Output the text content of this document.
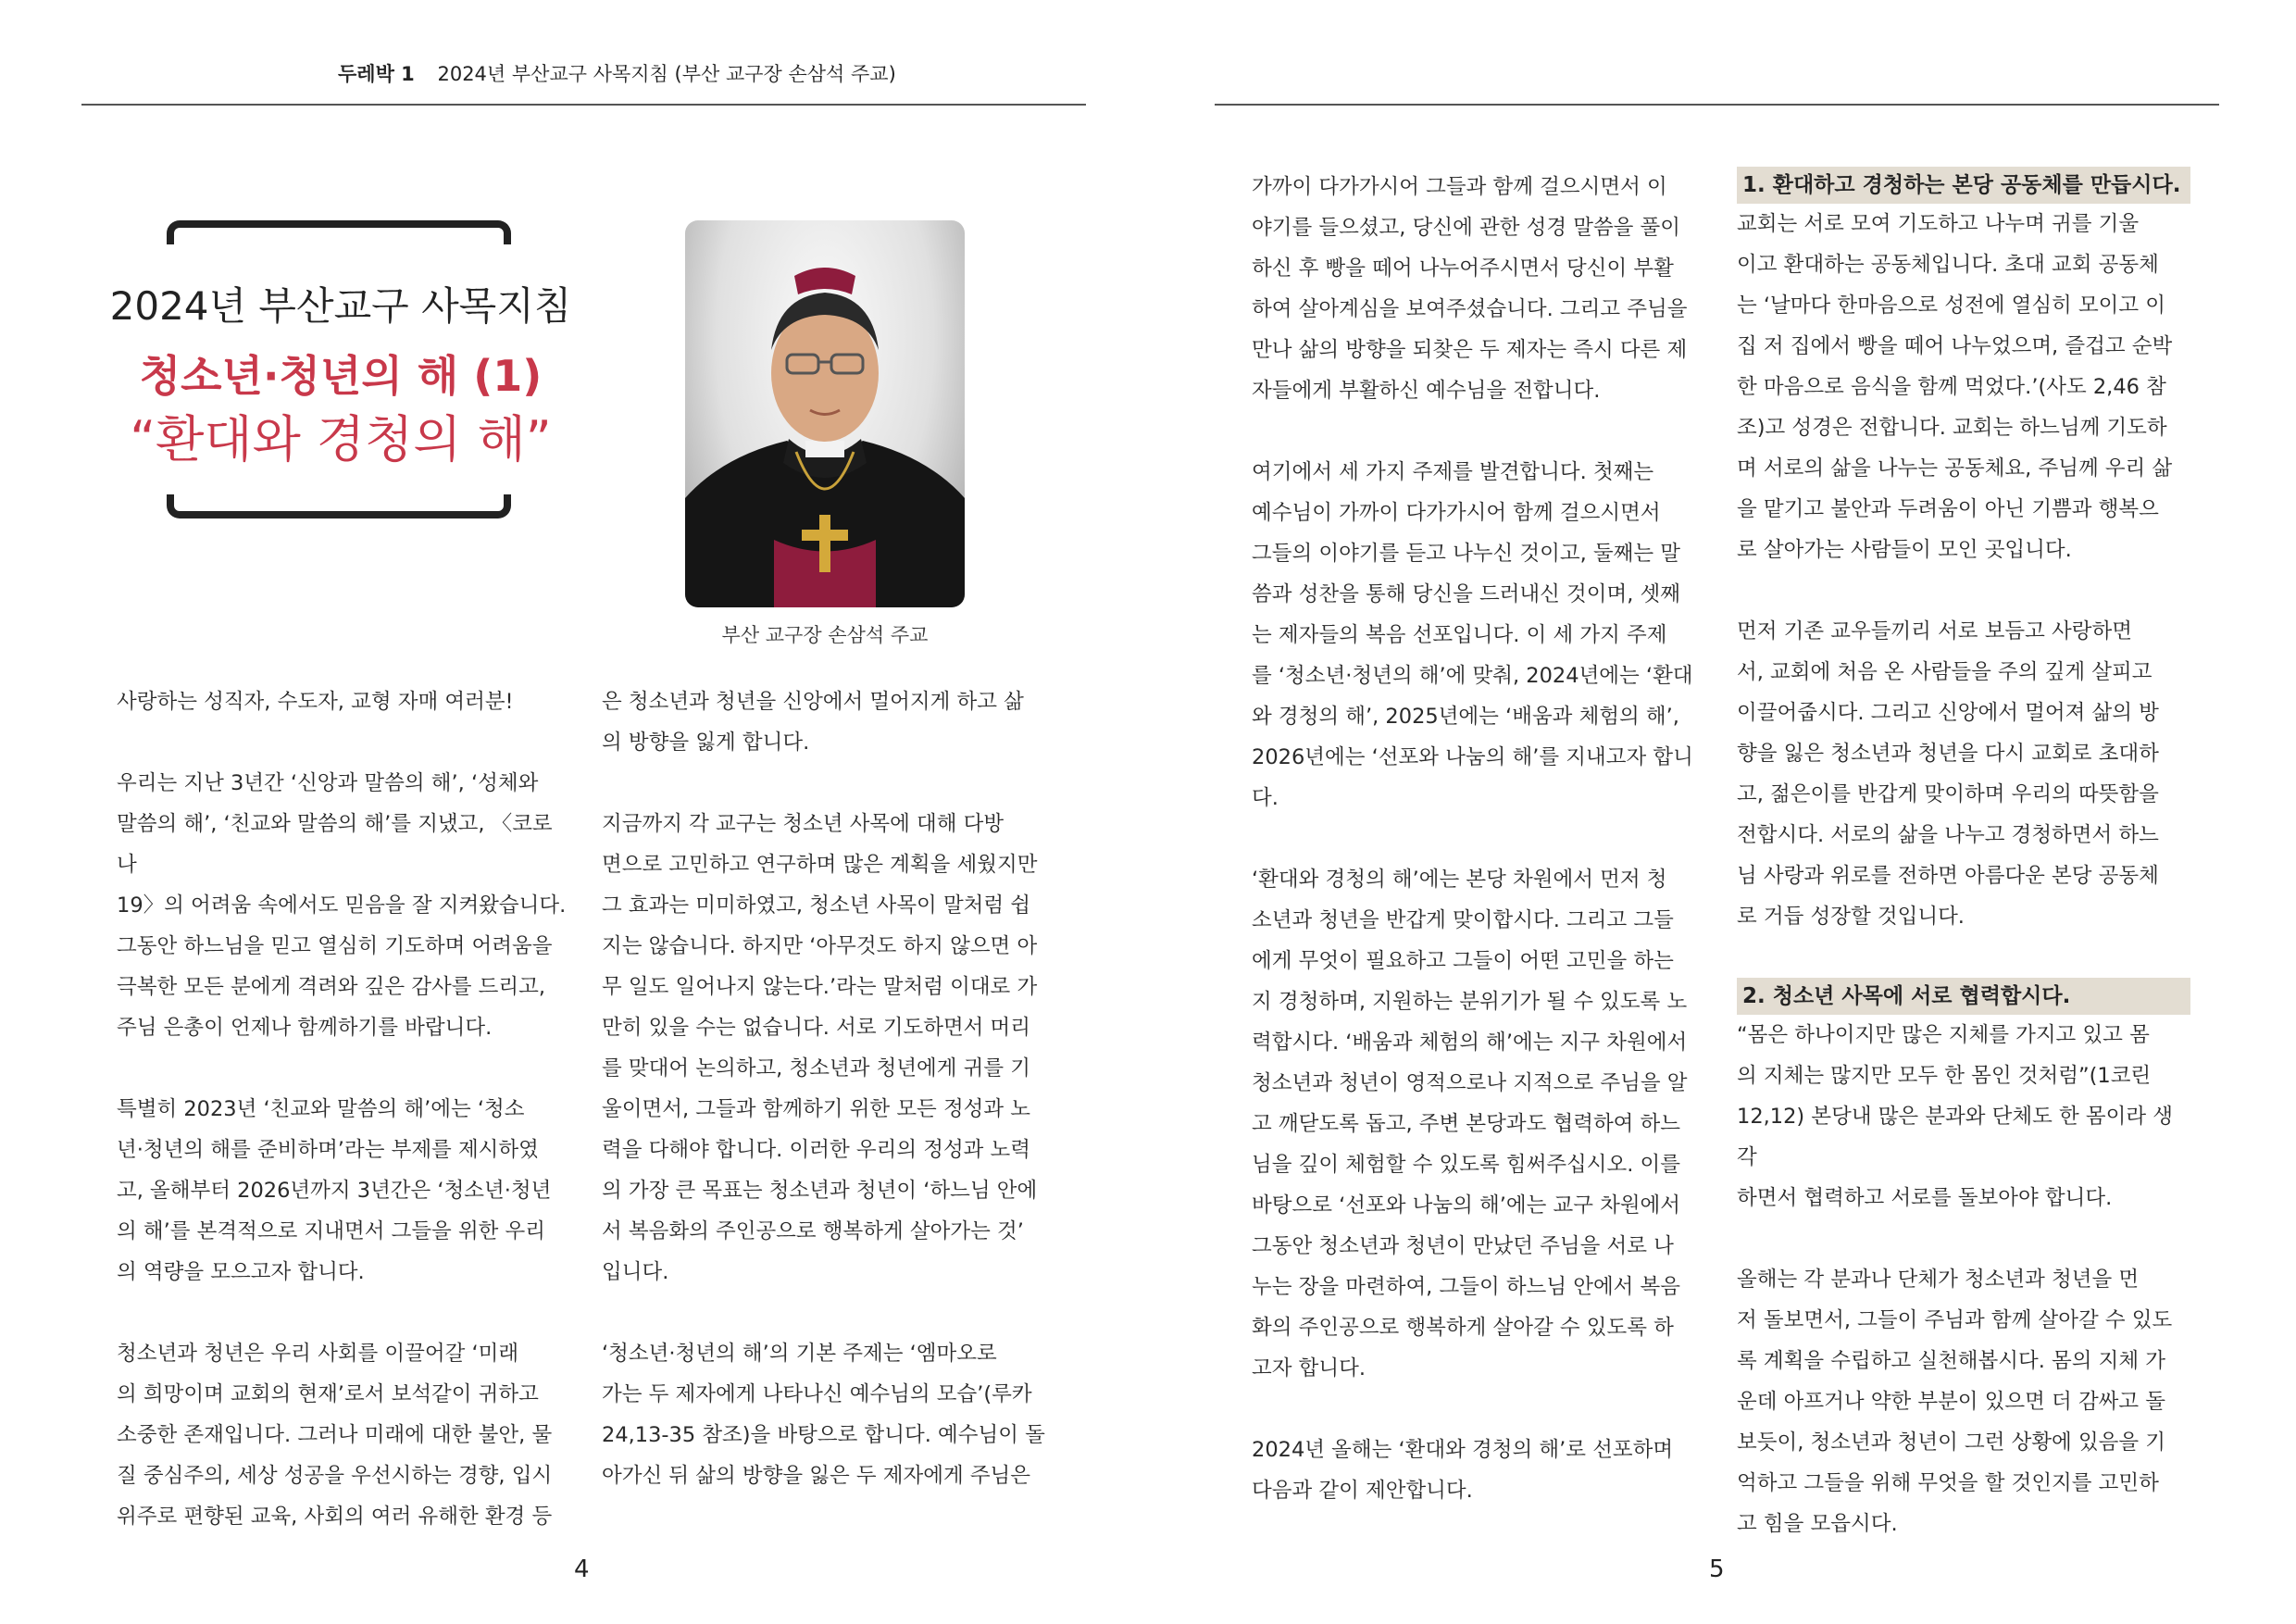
두레박 1 2024년 부산교구 사목지침 (부산 교구장 손삼석 주교)
2024년 부산교구 사목지침
청소년·청년의 해 (1)
“환대와 경청의 해”
부산 교구장 손삼석 주교

사랑하는 성직자, 수도자, 교형 자매 여러분!

우리는 지난 3년간 ‘신앙과 말씀의 해’, ‘성체와
말씀의 해’, ‘친교와 말씀의 해’를 지냈고, 〈코로나
19〉의 어려움 속에서도 믿음을 잘 지켜왔습니다.
그동안 하느님을 믿고 열심히 기도하며 어려움을
극복한 모든 분에게 격려와 깊은 감사를 드리고,
주님 은총이 언제나 함께하기를 바랍니다.

특별히 2023년 ‘친교와 말씀의 해’에는 ‘청소
년·청년의 해를 준비하며’라는 부제를 제시하였
고, 올해부터 2026년까지 3년간은 ‘청소년·청년
의 해’를 본격적으로 지내면서 그들을 위한 우리
의 역량을 모으고자 합니다.

청소년과 청년은 우리 사회를 이끌어갈 ‘미래
의 희망이며 교회의 현재’로서 보석같이 귀하고
소중한 존재입니다. 그러나 미래에 대한 불안, 물
질 중심주의, 세상 성공을 우선시하는 경향, 입시
위주로 편향된 교육, 사회의 여러 유해한 환경 등

은 청소년과 청년을 신앙에서 멀어지게 하고 삶
의 방향을 잃게 합니다.

지금까지 각 교구는 청소년 사목에 대해 다방
면으로 고민하고 연구하며 많은 계획을 세웠지만
그 효과는 미미하였고, 청소년 사목이 말처럼 쉽
지는 않습니다. 하지만 ‘아무것도 하지 않으면 아
무 일도 일어나지 않는다.’라는 말처럼 이대로 가
만히 있을 수는 없습니다. 서로 기도하면서 머리
를 맞대어 논의하고, 청소년과 청년에게 귀를 기
울이면서, 그들과 함께하기 위한 모든 정성과 노
력을 다해야 합니다. 이러한 우리의 정성과 노력
의 가장 큰 목표는 청소년과 청년이 ‘하느님 안에
서 복음화의 주인공으로 행복하게 살아가는 것’
입니다.

‘청소년·청년의 해’의 기본 주제는 ‘엠마오로
가는 두 제자에게 나타나신 예수님의 모습’(루카
24,13-35 참조)을 바탕으로 합니다. 예수님이 돌
아가신 뒤 삶의 방향을 잃은 두 제자에게 주님은

가까이 다가가시어 그들과 함께 걸으시면서 이
야기를 들으셨고, 당신에 관한 성경 말씀을 풀이
하신 후 빵을 떼어 나누어주시면서 당신이 부활
하여 살아계심을 보여주셨습니다. 그리고 주님을
만나 삶의 방향을 되찾은 두 제자는 즉시 다른 제
자들에게 부활하신 예수님을 전합니다.

여기에서 세 가지 주제를 발견합니다. 첫째는
예수님이 가까이 다가가시어 함께 걸으시면서
그들의 이야기를 듣고 나누신 것이고, 둘째는 말
씀과 성찬을 통해 당신을 드러내신 것이며, 셋째
는 제자들의 복음 선포입니다. 이 세 가지 주제
를 ‘청소년·청년의 해’에 맞춰, 2024년에는 ‘환대
와 경청의 해’, 2025년에는 ‘배움과 체험의 해’,
2026년에는 ‘선포와 나눔의 해’를 지내고자 합니
다.

‘환대와 경청의 해’에는 본당 차원에서 먼저 청
소년과 청년을 반갑게 맞이합시다. 그리고 그들
에게 무엇이 필요하고 그들이 어떤 고민을 하는
지 경청하며, 지원하는 분위기가 될 수 있도록 노
력합시다. ‘배움과 체험의 해’에는 지구 차원에서
청소년과 청년이 영적으로나 지적으로 주님을 알
고 깨닫도록 돕고, 주변 본당과도 협력하여 하느
님을 깊이 체험할 수 있도록 힘써주십시오. 이를
바탕으로 ‘선포와 나눔의 해’에는 교구 차원에서
그동안 청소년과 청년이 만났던 주님을 서로 나
누는 장을 마련하여, 그들이 하느님 안에서 복음
화의 주인공으로 행복하게 살아갈 수 있도록 하
고자 합니다.

2024년 올해는 ‘환대와 경청의 해’로 선포하며
다음과 같이 제안합니다.

1. 환대하고 경청하는 본당 공동체를 만듭시다.

교회는 서로 모여 기도하고 나누며 귀를 기울
이고 환대하는 공동체입니다. 초대 교회 공동체
는 ‘날마다 한마음으로 성전에 열심히 모이고 이
집 저 집에서 빵을 떼어 나누었으며, 즐겁고 순박
한 마음으로 음식을 함께 먹었다.’(사도 2,46 참
조)고 성경은 전합니다. 교회는 하느님께 기도하
며 서로의 삶을 나누는 공동체요, 주님께 우리 삶
을 맡기고 불안과 두려움이 아닌 기쁨과 행복으
로 살아가는 사람들이 모인 곳입니다.

먼저 기존 교우들끼리 서로 보듬고 사랑하면
서, 교회에 처음 온 사람들을 주의 깊게 살피고
이끌어줍시다. 그리고 신앙에서 멀어져 삶의 방
향을 잃은 청소년과 청년을 다시 교회로 초대하
고, 젊은이를 반갑게 맞이하며 우리의 따뜻함을
전합시다. 서로의 삶을 나누고 경청하면서 하느
님 사랑과 위로를 전하면 아름다운 본당 공동체
로 거듭 성장할 것입니다.

2. 청소년 사목에 서로 협력합시다.

“몸은 하나이지만 많은 지체를 가지고 있고 몸
의 지체는 많지만 모두 한 몸인 것처럼”(1코린
12,12) 본당내 많은 분과와 단체도 한 몸이라 생각
하면서 협력하고 서로를 돌보아야 합니다.

올해는 각 분과나 단체가 청소년과 청년을 먼
저 돌보면서, 그들이 주님과 함께 살아갈 수 있도
록 계획을 수립하고 실천해봅시다. 몸의 지체 가
운데 아프거나 약한 부분이 있으면 더 감싸고 돌
보듯이, 청소년과 청년이 그런 상황에 있음을 기
억하고 그들을 위해 무엇을 할 것인지를 고민하
고 힘을 모읍시다.

4	5
